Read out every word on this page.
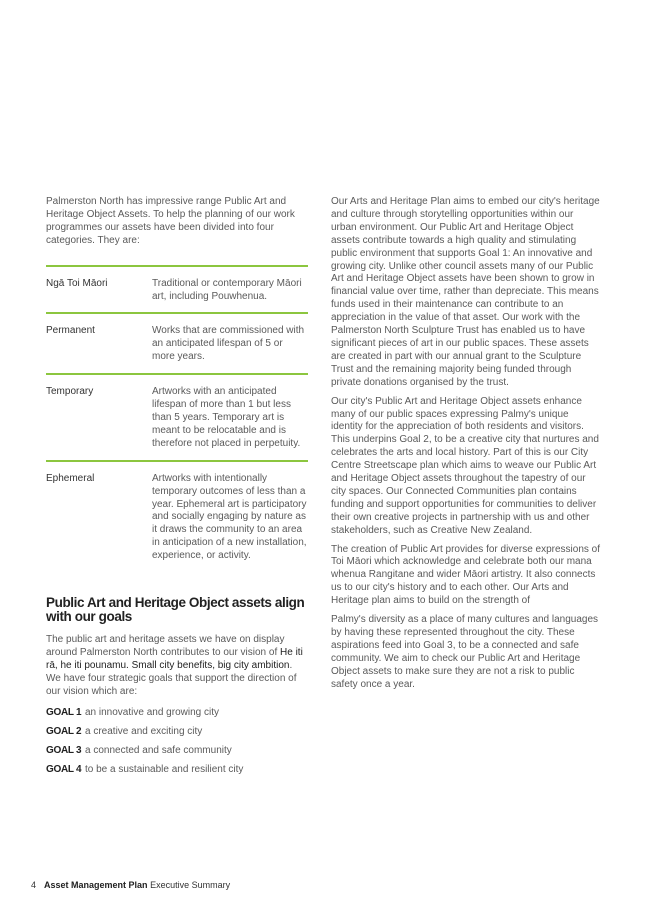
Palmerston North has impressive range Public Art and Heritage Object Assets. To help the planning of our work programmes our assets have been divided into four categories. They are:

Ngā Toi Māori	Traditional or contemporary Māori art, including Pouwhenua.
Permanent	Works that are commissioned with an anticipated lifespan of 5 or more years.
Temporary	Artworks with an anticipated lifespan of more than 1 but less than 5 years. Temporary art is meant to be relocatable and is therefore not placed in perpetuity.
Ephemeral	Artworks with intentionally temporary outcomes of less than a year. Ephemeral art is participatory and socially engaging by nature as it draws the community to an area in anticipation of a new installation, experience, or activity.
Public Art and Heritage Object assets align with our goals

The public art and heritage assets we have on display around Palmerston North contributes to our vision of He iti rā, he iti pounamu. Small city benefits, big city ambition. We have four strategic goals that support the direction of our vision which are:

GOAL 1 an innovative and growing city
GOAL 2 a creative and exciting city
GOAL 3 a connected and safe community
GOAL 4 to be a sustainable and resilient city

Our Arts and Heritage Plan aims to embed our city's heritage and culture through storytelling opportunities within our urban environment. Our Public Art and Heritage Object assets contribute towards a high quality and stimulating public environment that supports Goal 1: An innovative and growing city. Unlike other council assets many of our Public Art and Heritage Object assets have been shown to grow in financial value over time, rather than depreciate. This means funds used in their maintenance can contribute to an appreciation in the value of that asset. Our work with the Palmerston North Sculpture Trust has enabled us to have significant pieces of art in our public spaces. These assets are created in part with our annual grant to the Sculpture Trust and the remaining majority being funded through private donations organised by the trust.

Our city's Public Art and Heritage Object assets enhance many of our public spaces expressing Palmy's unique identity for the appreciation of both residents and visitors. This underpins Goal 2, to be a creative city that nurtures and celebrates the arts and local history. Part of this is our City Centre Streetscape plan which aims to weave our Public Art and Heritage Object assets throughout the tapestry of our city spaces. Our Connected Communities plan contains funding and support opportunities for communities to deliver their own creative projects in partnership with us and other stakeholders, such as Creative New Zealand.

The creation of Public Art provides for diverse expressions of Toi Māori which acknowledge and celebrate both our mana whenua Rangitane and wider Māori artistry. It also connects us to our city's history and to each other. Our Arts and Heritage plan aims to build on the strength of

Palmy's diversity as a place of many cultures and languages by having these represented throughout the city. These aspirations feed into Goal 3, to be a connected and safe community. We aim to check our Public Art and Heritage Object assets to make sure they are not a risk to public safety once a year.

4 Asset Management Plan Executive Summary
